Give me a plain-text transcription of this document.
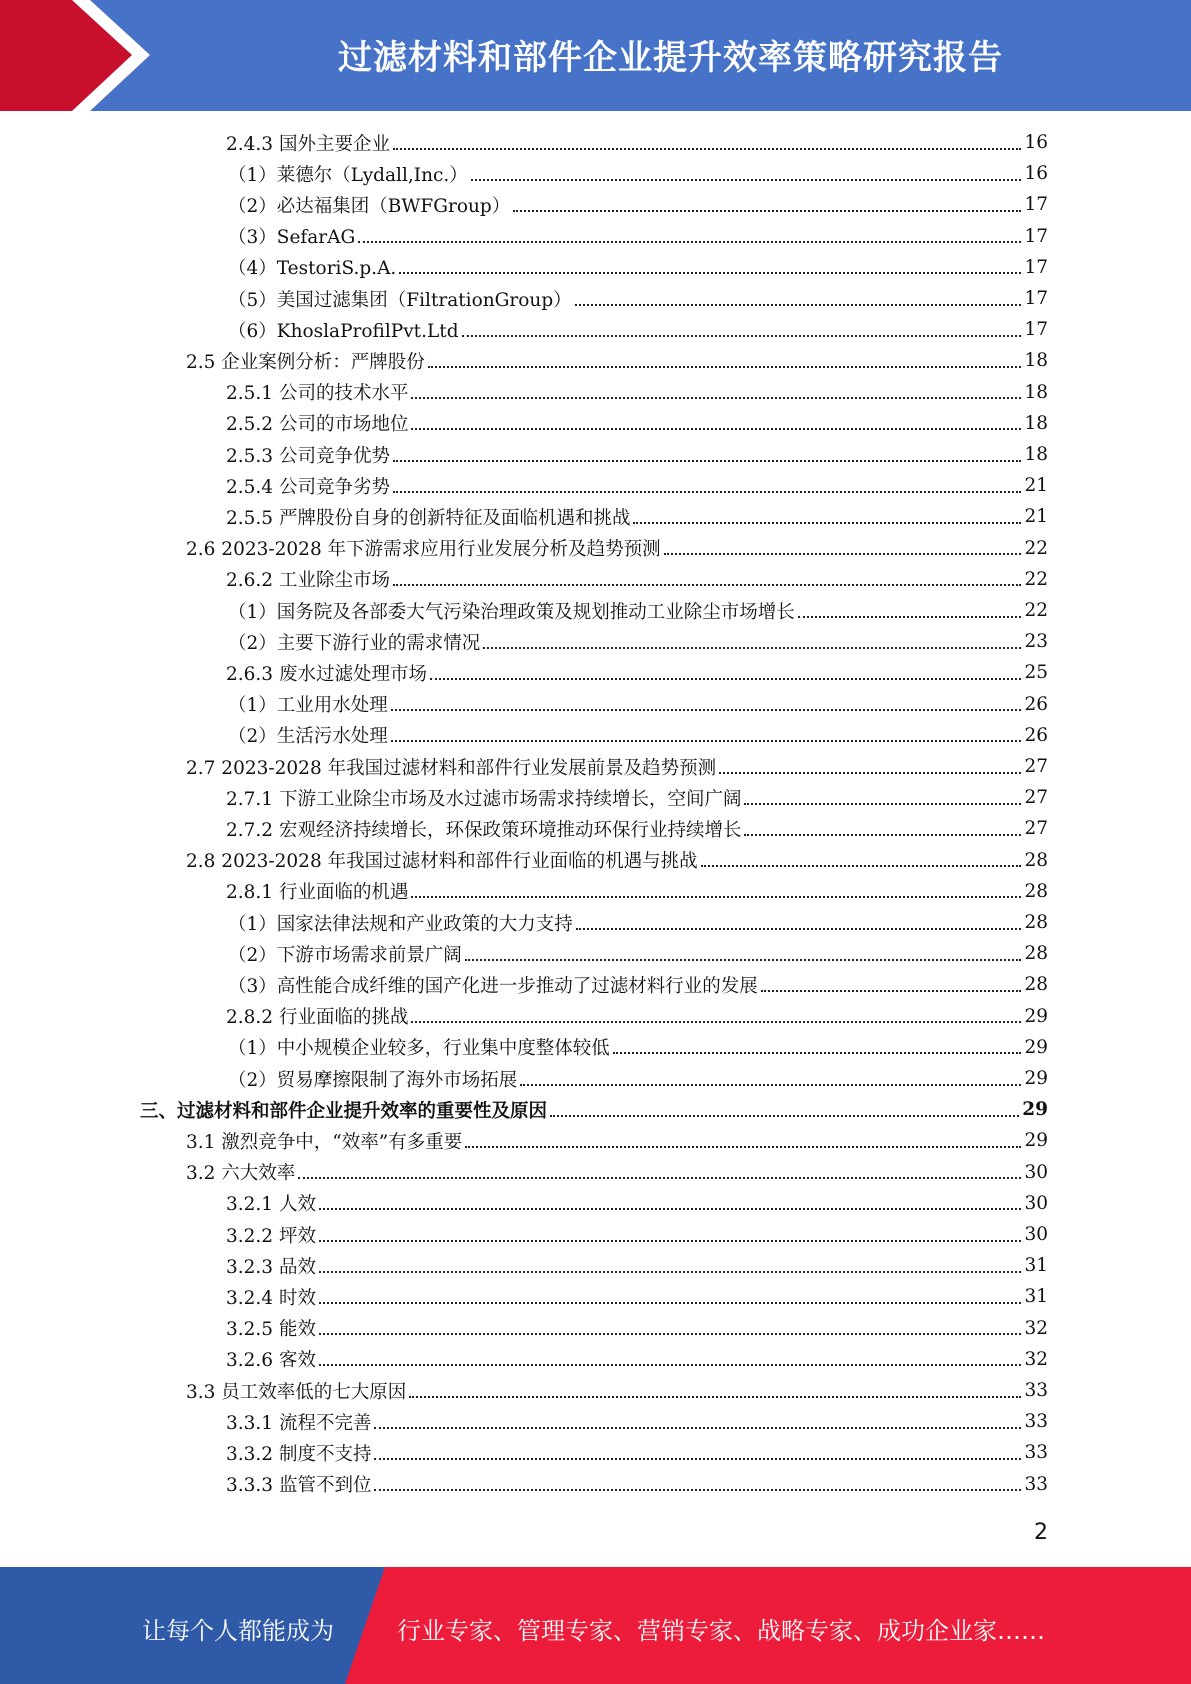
过滤材料和部件企业提升效率策略研究报告
2.4.3 国外主要企业	16
（1）莱德尔（Lydall,Inc.）	16
（2）必达福集团（BWFGroup）	17
（3）SefarAG	17
（4）TestoriS.p.A.	17
（5）美国过滤集团（FiltrationGroup）	17
（6）KhoslaProfilPvt.Ltd	17
2.5 企业案例分析：严牌股份	18
2.5.1 公司的技术水平	18
2.5.2 公司的市场地位	18
2.5.3 公司竞争优势	18
2.5.4 公司竞争劣势	21
2.5.5 严牌股份自身的创新特征及面临机遇和挑战	21
2.6 2023-2028 年下游需求应用行业发展分析及趋势预测	22
2.6.2 工业除尘市场	22
（1）国务院及各部委大气污染治理政策及规划推动工业除尘市场增长	22
（2）主要下游行业的需求情况	23
2.6.3 废水过滤处理市场	25
（1）工业用水处理	26
（2）生活污水处理	26
2.7 2023-2028 年我国过滤材料和部件行业发展前景及趋势预测	27
2.7.1 下游工业除尘市场及水过滤市场需求持续增长，空间广阔	27
2.7.2 宏观经济持续增长，环保政策环境推动环保行业持续增长	27
2.8 2023-2028 年我国过滤材料和部件行业面临的机遇与挑战	28
2.8.1 行业面临的机遇	28
（1）国家法律法规和产业政策的大力支持	28
（2）下游市场需求前景广阔	28
（3）高性能合成纤维的国产化进一步推动了过滤材料行业的发展	28
2.8.2 行业面临的挑战	29
（1）中小规模企业较多，行业集中度整体较低	29
（2）贸易摩擦限制了海外市场拓展	29
三、过滤材料和部件企业提升效率的重要性及原因	29
3.1 激烈竞争中，“效率”有多重要	29
3.2 六大效率	30
3.2.1 人效	30
3.2.2 坪效	30
3.2.3 品效	31
3.2.4 时效	31
3.2.5 能效	32
3.2.6 客效	32
3.3 员工效率低的七大原因	33
3.3.1 流程不完善	33
3.3.2 制度不支持	33
3.3.3 监管不到位	33
2
让每个人都能成为	行业专家、管理专家、营销专家、战略专家、成功企业家……
